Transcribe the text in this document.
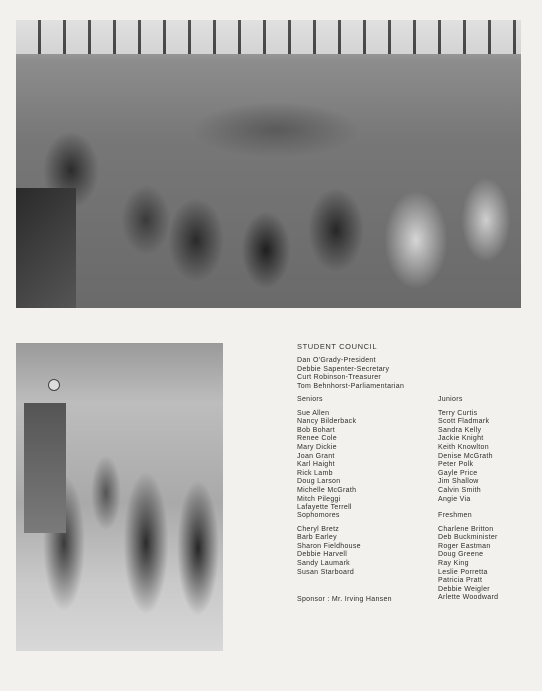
STUDENT COUNCIL
Dan O'Grady-President
Debbie Sapenter-Secretary
Curt Robinson-Treasurer
Tom Behnhorst-Parliamentarian
Seniors
Sue Allen
Nancy Bilderback
Bob Bohart
Renee Cole
Mary Dickie
Joan Grant
Karl Haight
Rick Lamb
Doug Larson
Michelle McGrath
Mitch Pileggi
Lafayette Terrell
Juniors
Terry Curtis
Scott Fladmark
Sandra Kelly
Jackie Knight
Keith Knowlton
Denise McGrath
Peter Polk
Gayle Price
Jim Shallow
Calvin Smith
Angie Via
Sophomores
Cheryl Bretz
Barb Earley
Sharon Fieldhouse
Debbie Harvell
Sandy Laumark
Susan Starboard
Freshmen
Charlene Britton
Deb Buckminister
Roger Eastman
Doug Greene
Ray King
Leslie Porretta
Patricia Pratt
Debbie Weigler
Arlette Woodward
Sponsor : Mr. Irving Hansen
